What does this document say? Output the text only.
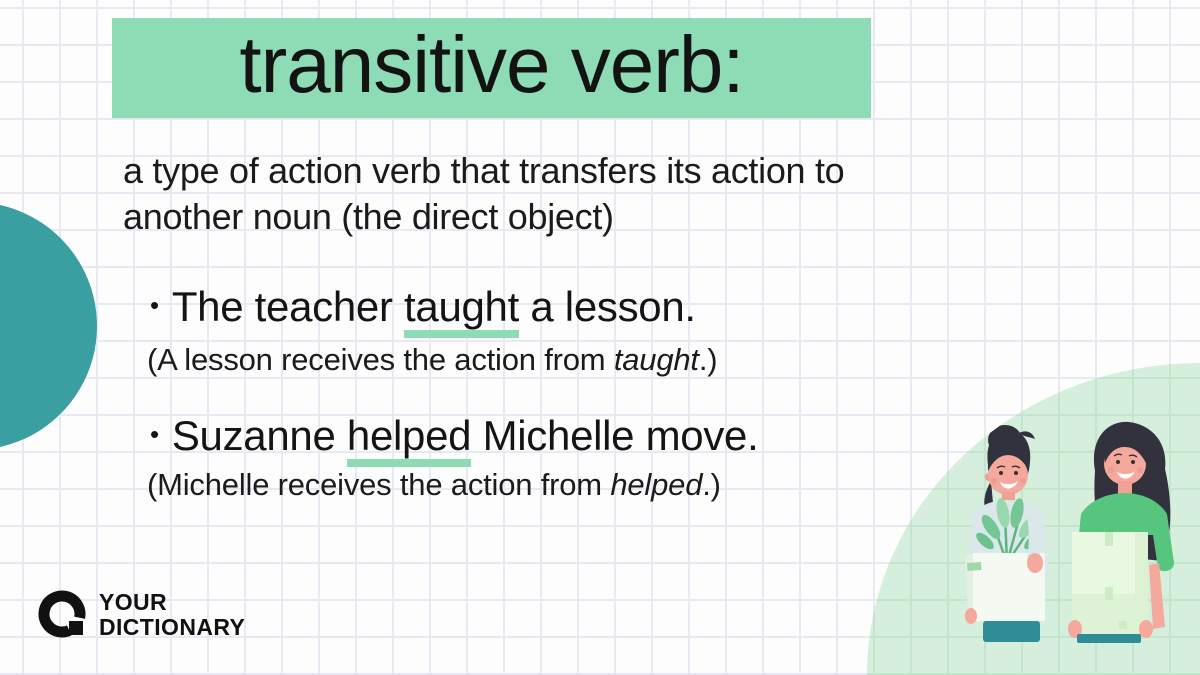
transitive verb:
a type of action verb that transfers its action to
another noun (the direct object)
• The teacher taught a lesson.
(A lesson receives the action from taught.)
• Suzanne helped Michelle move.
(Michelle receives the action from helped.)
YOUR
DICTIONARY
